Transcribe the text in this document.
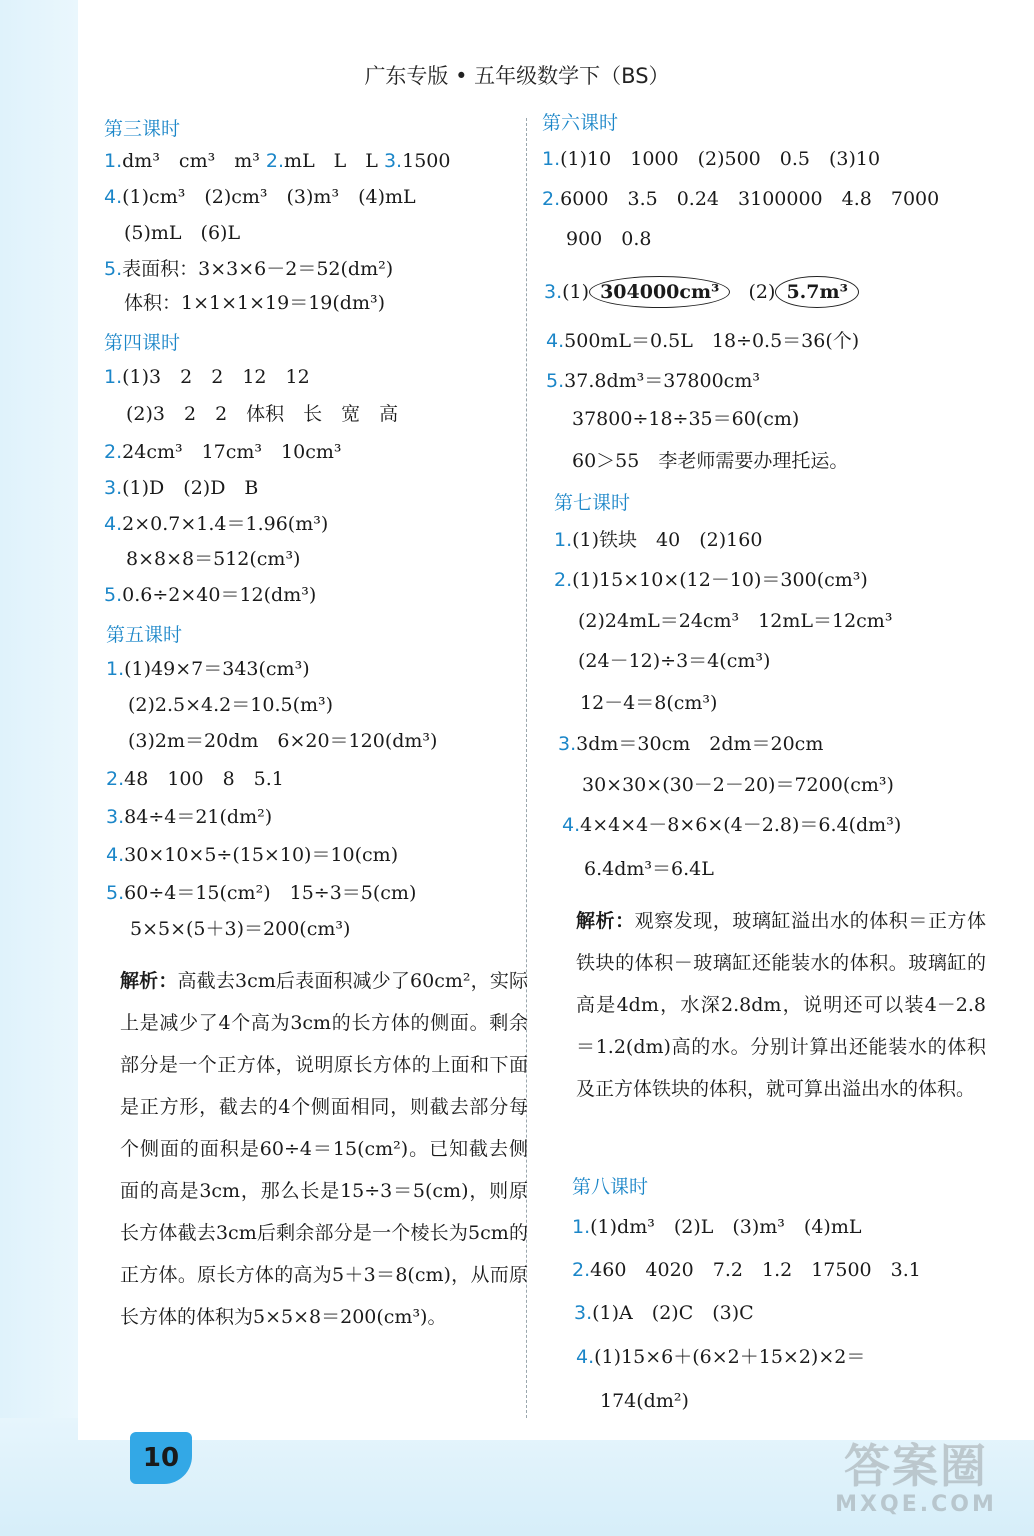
广东专版 • 五年级数学下（BS）
第三课时
1.dm³　cm³　m³ 2.mL　L　L 3.1500
4.(1)cm³　(2)cm³　(3)m³　(4)mL
(5)mL　(6)L
5.表面积：3×3×6－2＝52(dm²)
体积：1×1×1×19＝19(dm³)
第四课时
1.(1)3　2　2　12　12
(2)3　2　2　体积　长　宽　高
2.24cm³　17cm³　10cm³
3.(1)D　(2)D　B
4.2×0.7×1.4＝1.96(m³)
8×8×8＝512(cm³)
5.0.6÷2×40＝12(dm³)
第五课时
1.(1)49×7＝343(cm³)
(2)2.5×4.2＝10.5(m³)
(3)2m＝20dm　6×20＝120(dm³)
2.48　100　8　5.1
3.84÷4＝21(dm²)
4.30×10×5÷(15×10)＝10(cm)
5.60÷4＝15(cm²)　15÷3＝5(cm)
5×5×(5＋3)＝200(cm³)
解析：高截去3cm后表面积减少了60cm²，实际上是减少了4个高为3cm的长方体的侧面。剩余部分是一个正方体，说明原长方体的上面和下面是正方形，截去的4个侧面相同，则截去部分每个侧面的面积是60÷4＝15(cm²)。已知截去侧面的高是3cm，那么长是15÷3＝5(cm)，则原长方体截去3cm后剩余部分是一个棱长为5cm的正方体。原长方体的高为5＋3＝8(cm)，从而原长方体的体积为5×5×8＝200(cm³)。
第六课时
1.(1)10　1000　(2)500　0.5　(3)10
2.6000　3.5　0.24　3100000　4.8　7000
900　0.8
3.(1) 304000cm³ (2) 5.7m³
4.500mL＝0.5L　18÷0.5＝36(个)
5.37.8dm³＝37800cm³
37800÷18÷35＝60(cm)
60＞55　李老师需要办理托运。
第七课时
1.(1)铁块　40　(2)160
2.(1)15×10×(12－10)＝300(cm³)
(2)24mL＝24cm³　12mL＝12cm³
(24－12)÷3＝4(cm³)
12－4＝8(cm³)
3.3dm＝30cm　2dm＝20cm
30×30×(30－2－20)＝7200(cm³)
4.4×4×4－8×6×(4－2.8)＝6.4(dm³)
6.4dm³＝6.4L
解析：观察发现，玻璃缸溢出水的体积＝正方体铁块的体积－玻璃缸还能装水的体积。玻璃缸的高是4dm，水深2.8dm，说明还可以装4－2.8＝1.2(dm)高的水。分别计算出还能装水的体积及正方体铁块的体积，就可算出溢出水的体积。
第八课时
1.(1)dm³　(2)L　(3)m³　(4)mL
2.460　4020　7.2　1.2　17500　3.1
3.(1)A　(2)C　(3)C
4.(1)15×6＋(6×2＋15×2)×2＝
174(dm²)
10	答案圈
MXQE.COM
